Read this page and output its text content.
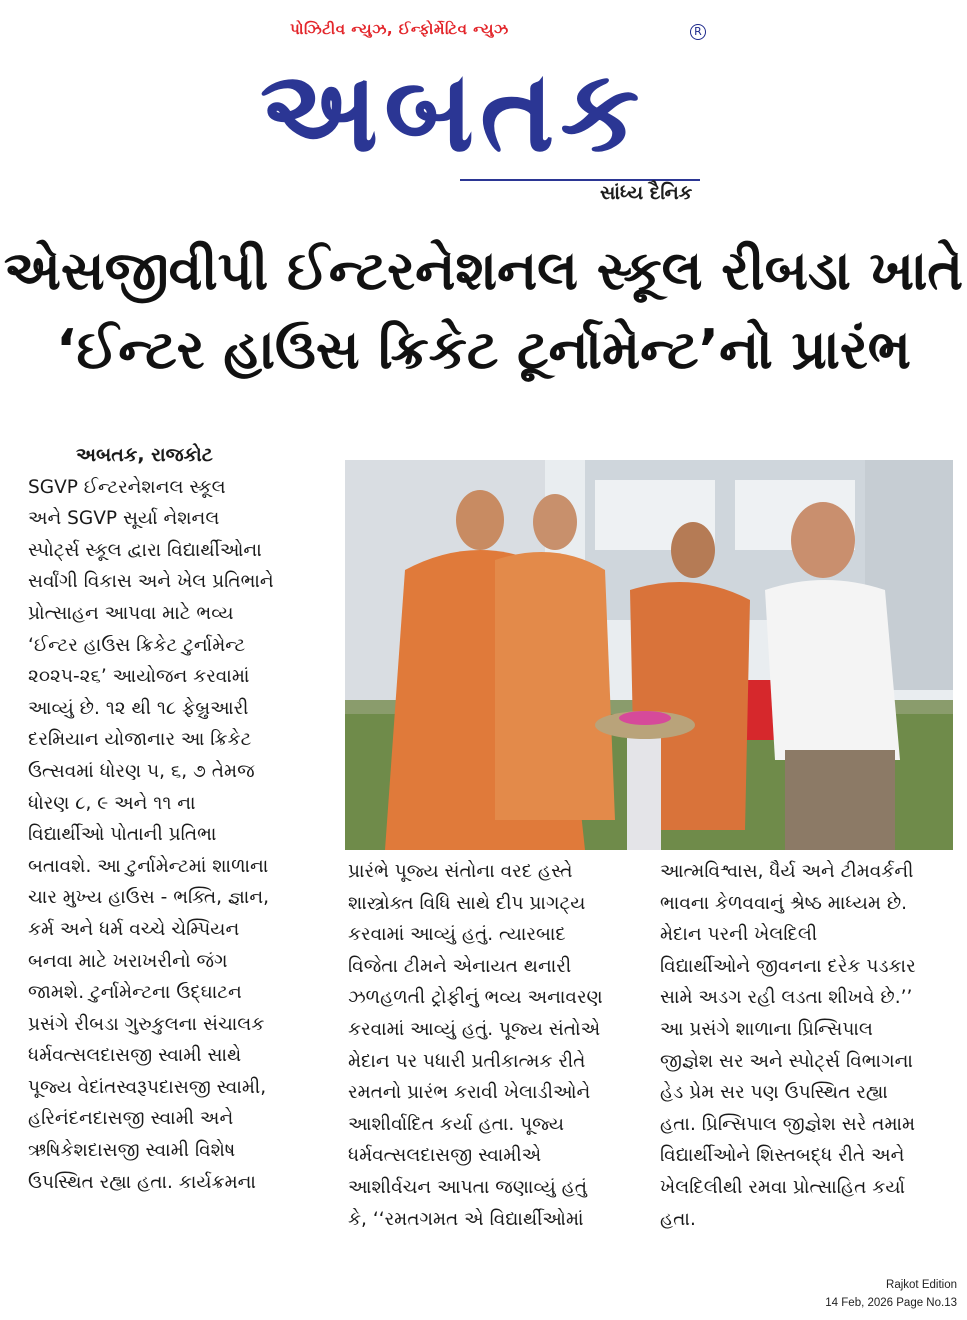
પોઝિટીવ ન્યુઝ, ઈન્ફોર્મેટિવ ન્યુઝ	R
અબતક
સાંધ્ય દૈનિક
એસજીવીપી ઈન્ટરનેશનલ સ્કૂલ રીબડા ખાતે
‘ઈન્ટર હાઉસ ક્રિકેટ ટૂર્નામેન્ટ’નો પ્રારંભ

અબતક, રાજકોટ

SGVP ઈન્ટરનેશનલ સ્કૂલ

અને SGVP સૂર્યા નેશનલ

સ્પોર્ટ્સ સ્કૂલ દ્વારા વિદ્યાર્થીઓના

સર્વાંગી વિકાસ અને ખેલ પ્રતિભાને

પ્રોત્સાહન આપવા માટે ભવ્ય

‘ઈન્ટર હાઉસ ક્રિકેટ ટુર્નામેન્ટ

૨૦૨૫-૨૬’ આયોજન કરવામાં

આવ્યું છે. ૧૨ થી ૧૮ ફેબ્રુઆરી

દરમિયાન યોજાનાર આ ક્રિકેટ

ઉત્સવમાં ધોરણ ૫, ૬, ૭ તેમજ

ધોરણ ૮, ૯ અને ૧૧ ના

વિદ્યાર્થીઓ પોતાની પ્રતિભા

બતાવશે. આ ટુર્નામેન્ટમાં શાળાના

ચાર મુખ્ય હાઉસ - ભક્તિ, જ્ઞાન,

કર્મ અને ધર્મ વચ્ચે ચેમ્પિયન

બનવા માટે ખરાખરીનો જંગ

જામશે. ટુર્નામેન્ટના ઉદ્ઘાટન

પ્રસંગે રીબડા ગુરુકુલના સંચાલક

ધર્મવત્સલદાસજી સ્વામી સાથે

પૂજ્ય વેદાંતસ્વરૂપદાસજી સ્વામી,

હરિનંદનદાસજી સ્વામી અને

ઋષિકેશદાસજી સ્વામી વિશેષ

ઉપસ્થિત રહ્યા હતા. કાર્યક્રમના

પ્રારંભે પૂજ્ય સંતોના વરદ હસ્તે

શાસ્ત્રોક્ત વિધિ સાથે દીપ પ્રાગટ્ય

કરવામાં આવ્યું હતું. ત્યારબાદ

વિજેતા ટીમને એનાયત થનારી

ઝળહળતી ટ્રોફીનું ભવ્ય અનાવરણ

કરવામાં આવ્યું હતું. પૂજ્ય સંતોએ

મેદાન પર પધારી પ્રતીકાત્મક રીતે

રમતનો પ્રારંભ કરાવી ખેલાડીઓને

આશીર્વાદિત કર્યા હતા. પૂજ્ય

ધર્મવત્સલદાસજી સ્વામીએ

આશીર્વચન આપતા જણાવ્યું હતું

કે, ‘‘રમતગમત એ વિદ્યાર્થીઓમાં

આત્મવિશ્વાસ, ધૈર્ય અને ટીમવર્કની

ભાવના કેળવવાનું શ્રેષ્ઠ માધ્યમ છે.

મેદાન પરની ખેલદિલી

વિદ્યાર્થીઓને જીવનના દરેક પડકાર

સામે અડગ રહી લડતા શીખવે છે.’’

આ પ્રસંગે શાળાના પ્રિન્સિપાલ

જીજ્ઞેશ સર અને સ્પોર્ટ્સ વિભાગના

હેડ પ્રેમ સર પણ ઉપસ્થિત રહ્યા

હતા. પ્રિન્સિપાલ જીજ્ઞેશ સરે તમામ

વિદ્યાર્થીઓને શિસ્તબદ્ધ રીતે અને

ખેલદિલીથી રમવા પ્રોત્સાહિત કર્યા

હતા.

Rajkot Edition
14 Feb, 2026 Page No.13
